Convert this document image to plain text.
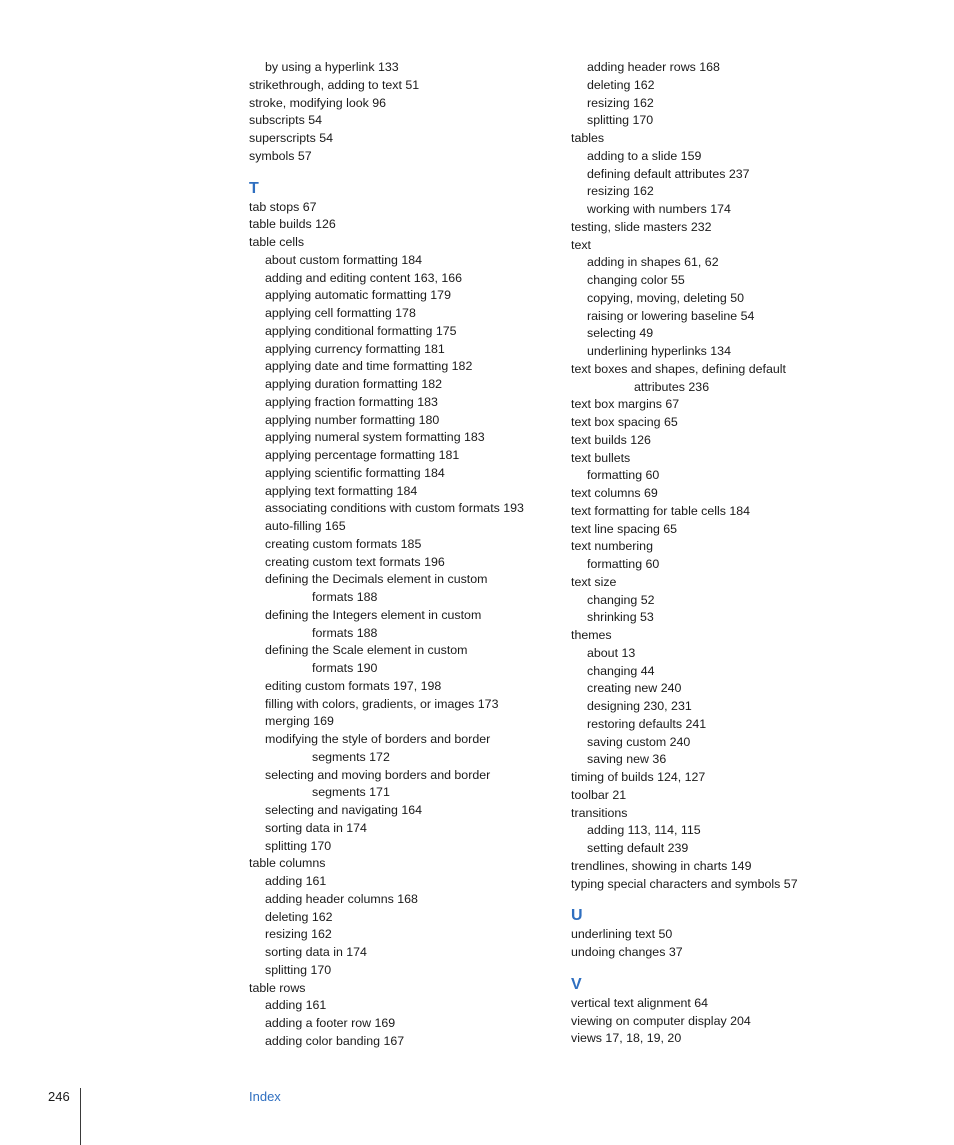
by using a hyperlink 133
strikethrough, adding to text 51
stroke, modifying look 96
subscripts 54
superscripts 54
symbols 57
T
tab stops 67
table builds 126
table cells
about custom formatting 184
adding and editing content 163, 166
applying automatic formatting 179
applying cell formatting 178
applying conditional formatting 175
applying currency formatting 181
applying date and time formatting 182
applying duration formatting 182
applying fraction formatting 183
applying number formatting 180
applying numeral system formatting 183
applying percentage formatting 181
applying scientific formatting 184
applying text formatting 184
associating conditions with custom formats 193
auto-filling 165
creating custom formats 185
creating custom text formats 196
defining the Decimals element in custom
formats 188
defining the Integers element in custom
formats 188
defining the Scale element in custom
formats 190
editing custom formats 197, 198
filling with colors, gradients, or images 173
merging 169
modifying the style of borders and border
segments 172
selecting and moving borders and border
segments 171
selecting and navigating 164
sorting data in 174
splitting 170
table columns
adding 161
adding header columns 168
deleting 162
resizing 162
sorting data in 174
splitting 170
table rows
adding 161
adding a footer row 169
adding color banding 167
adding header rows 168
deleting 162
resizing 162
splitting 170
tables
adding to a slide 159
defining default attributes 237
resizing 162
working with numbers 174
testing, slide masters 232
text
adding in shapes 61, 62
changing color 55
copying, moving, deleting 50
raising or lowering baseline 54
selecting 49
underlining hyperlinks 134
text boxes and shapes, defining default
attributes 236
text box margins 67
text box spacing 65
text builds 126
text bullets
formatting 60
text columns 69
text formatting for table cells 184
text line spacing 65
text numbering
formatting 60
text size
changing 52
shrinking 53
themes
about 13
changing 44
creating new 240
designing 230, 231
restoring defaults 241
saving custom 240
saving new 36
timing of builds 124, 127
toolbar 21
transitions
adding 113, 114, 115
setting default 239
trendlines, showing in charts 149
typing special characters and symbols 57
U
underlining text 50
undoing changes 37
V
vertical text alignment 64
viewing on computer display 204
views 17, 18, 19, 20
246	Index
